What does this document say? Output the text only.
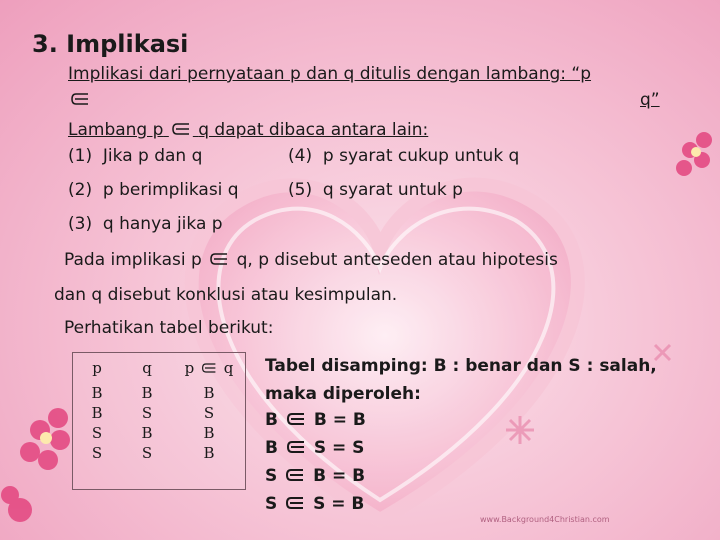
www.Background4Christian.com
3. Implikasi
Implikasi dari pernyataan p dan q ditulis dengan lambang: “p
q”
Lambang p q dapat dibaca antara lain:
(1) Jika p dan q	(4) p syarat cukup untuk q
(2) p berimplikasi q	(5) q syarat untuk p
(3) q hanya jika p
Pada implikasi p q, p disebut anteseden atau hipotesis
dan q disebut konklusi atau kesimpulan.
Perhatikan tabel berikut:
p
B
B
S
S
q
B
S
B
S
p q
B
S
B
B
Tabel disamping: B : benar dan S : salah,
maka diperoleh:
B B = B
B S = S
S B = B
S S = B
